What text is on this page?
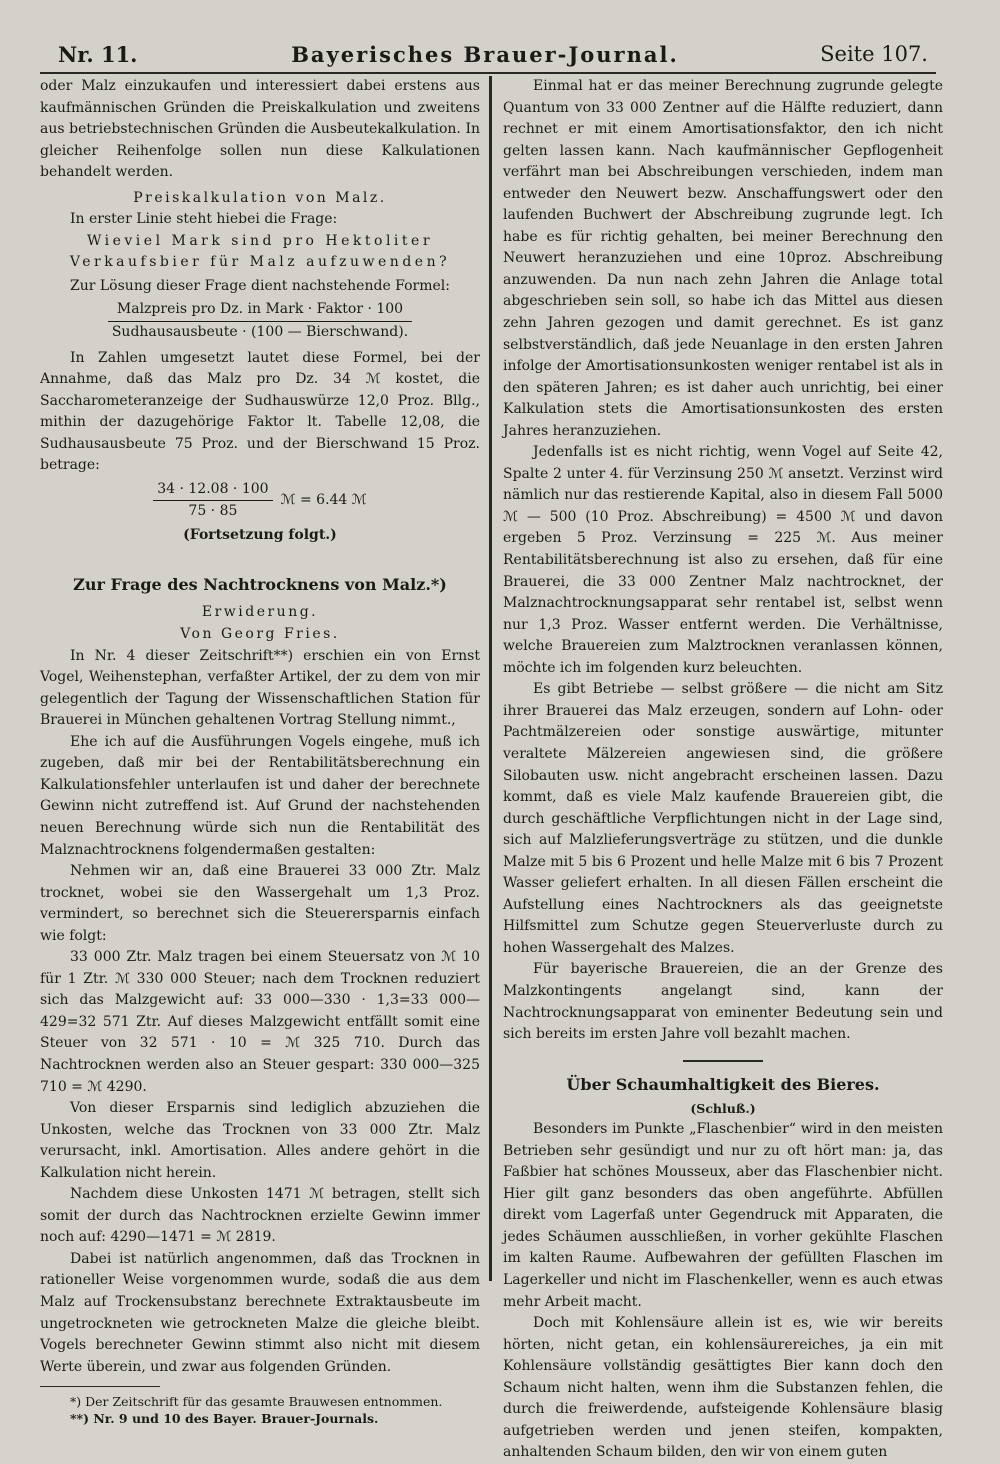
Nr. 11.	Bayerisches Brauer-Journal.	Seite 107.

oder Malz einzukaufen und interessiert dabei erstens aus kaufmännischen Gründen die Preiskalkulation und zweitens aus betriebstechnischen Gründen die Ausbeutekalkulation. In gleicher Reihenfolge sollen nun diese Kalkulationen behandelt werden.

Preiskalkulation von Malz.

In erster Linie steht hiebei die Frage:

Wieviel Mark sind pro Hektoliter Verkaufsbier für Malz aufzuwenden?

Zur Lösung dieser Frage dient nachstehende Formel:

$\frac{\text{Malzpreis pro Dz. in Mark · Faktor · 100}}{\text{Sudhausausbeute · (100 — Bierschwand).}}$

In Zahlen umgesetzt lautet diese Formel, bei der Annahme, daß das Malz pro Dz. 34 ℳ kostet, die Saccharometeranzeige der Sudhauswürze 12,0 Proz. Bllg., mithin der dazugehörige Faktor lt. Tabelle 12,08, die Sudhausausbeute 75 Proz. und der Bierschwand 15 Proz. betrage:

$\frac{34 \cdot 12.08 \cdot 100}{75 \cdot 85}$ ℳ = 6.44 ℳ

(Fortsetzung folgt.)

Zur Frage des Nachtrocknens von Malz.*)

Erwiderung.

Von Georg Fries.

In Nr. 4 dieser Zeitschrift**) erschien ein von Ernst Vogel, Weihenstephan, verfaßter Artikel, der zu dem von mir gelegentlich der Tagung der Wissenschaftlichen Station für Brauerei in München gehaltenen Vortrag Stellung nimmt.,

Ehe ich auf die Ausführungen Vogels eingehe, muß ich zugeben, daß mir bei der Rentabilitätsberechnung ein Kalkulationsfehler unterlaufen ist und daher der berechnete Gewinn nicht zutreffend ist. Auf Grund der nachstehenden neuen Berechnung würde sich nun die Rentabilität des Malznachtrocknens folgendermaßen gestalten:

Nehmen wir an, daß eine Brauerei 33 000 Ztr. Malz trocknet, wobei sie den Wassergehalt um 1,3 Proz. vermindert, so berechnet sich die Steuerersparnis einfach wie folgt:

33 000 Ztr. Malz tragen bei einem Steuersatz von ℳ 10 für 1 Ztr. ℳ 330 000 Steuer; nach dem Trocknen reduziert sich das Malzgewicht auf: 33 000—330 · 1,3=33 000—429=32 571 Ztr. Auf dieses Malzgewicht entfällt somit eine Steuer von 32 571 · 10 = ℳ 325 710. Durch das Nachtrocknen werden also an Steuer gespart: 330 000—325 710 = ℳ 4290.

Von dieser Ersparnis sind lediglich abzuziehen die Unkosten, welche das Trocknen von 33 000 Ztr. Malz verursacht, inkl. Amortisation. Alles andere gehört in die Kalkulation nicht herein.

Nachdem diese Unkosten 1471 ℳ betragen, stellt sich somit der durch das Nachtrocknen erzielte Gewinn immer noch auf: 4290—1471 = ℳ 2819.

Dabei ist natürlich angenommen, daß das Trocknen in rationeller Weise vorgenommen wurde, sodaß die aus dem Malz auf Trockensubstanz berechnete Extraktausbeute im ungetrockneten wie getrockneten Malze die gleiche bleibt. Vogels berechneter Gewinn stimmt also nicht mit diesem Werte überein, und zwar aus folgenden Gründen.

*) Der Zeitschrift für das gesamte Brauwesen entnommen.

**) Nr. 9 und 10 des Bayer. Brauer-Journals.

Einmal hat er das meiner Berechnung zugrunde gelegte Quantum von 33 000 Zentner auf die Hälfte reduziert, dann rechnet er mit einem Amortisationsfaktor, den ich nicht gelten lassen kann. Nach kaufmännischer Gepflogenheit verfährt man bei Abschreibungen verschieden, indem man entweder den Neuwert bezw. Anschaffungswert oder den laufenden Buchwert der Abschreibung zugrunde legt. Ich habe es für richtig gehalten, bei meiner Berechnung den Neuwert heranzuziehen und eine 10proz. Abschreibung anzuwenden. Da nun nach zehn Jahren die Anlage total abgeschrieben sein soll, so habe ich das Mittel aus diesen zehn Jahren gezogen und damit gerechnet. Es ist ganz selbstverständlich, daß jede Neuanlage in den ersten Jahren infolge der Amortisationsunkosten weniger rentabel ist als in den späteren Jahren; es ist daher auch unrichtig, bei einer Kalkulation stets die Amortisationsunkosten des ersten Jahres heranzuziehen.

Jedenfalls ist es nicht richtig, wenn Vogel auf Seite 42, Spalte 2 unter 4. für Verzinsung 250 ℳ ansetzt. Verzinst wird nämlich nur das restierende Kapital, also in diesem Fall 5000 ℳ — 500 (10 Proz. Abschreibung) = 4500 ℳ und davon ergeben 5 Proz. Verzinsung = 225 ℳ. Aus meiner Rentabilitätsberechnung ist also zu ersehen, daß für eine Brauerei, die 33 000 Zentner Malz nachtrocknet, der Malznachtrocknungsapparat sehr rentabel ist, selbst wenn nur 1,3 Proz. Wasser entfernt werden. Die Verhältnisse, welche Brauereien zum Malztrocknen veranlassen können, möchte ich im folgenden kurz beleuchten.

Es gibt Betriebe — selbst größere — die nicht am Sitz ihrer Brauerei das Malz erzeugen, sondern auf Lohn- oder Pachtmälzereien oder sonstige auswärtige, mitunter veraltete Mälzereien angewiesen sind, die größere Silobauten usw. nicht angebracht erscheinen lassen. Dazu kommt, daß es viele Malz kaufende Brauereien gibt, die durch geschäftliche Verpflichtungen nicht in der Lage sind, sich auf Malzlieferungsverträge zu stützen, und die dunkle Malze mit 5 bis 6 Prozent und helle Malze mit 6 bis 7 Prozent Wasser geliefert erhalten. In all diesen Fällen erscheint die Aufstellung eines Nachtrockners als das geeignetste Hilfsmittel zum Schutze gegen Steuerverluste durch zu hohen Wassergehalt des Malzes.

Für bayerische Brauereien, die an der Grenze des Malzkontingents angelangt sind, kann der Nachtrocknungsapparat von eminenter Bedeutung sein und sich bereits im ersten Jahre voll bezahlt machen.

Über Schaumhaltigkeit des Bieres.

(Schluß.)

Besonders im Punkte „Flaschenbier“ wird in den meisten Betrieben sehr gesündigt und nur zu oft hört man: ja, das Faßbier hat schönes Mousseux, aber das Flaschenbier nicht. Hier gilt ganz besonders das oben angeführte. Abfüllen direkt vom Lagerfaß unter Gegendruck mit Apparaten, die jedes Schäumen ausschließen, in vorher gekühlte Flaschen im kalten Raume. Aufbewahren der gefüllten Flaschen im Lagerkeller und nicht im Flaschenkeller, wenn es auch etwas mehr Arbeit macht.

Doch mit Kohlensäure allein ist es, wie wir bereits hörten, nicht getan, ein kohlensäurereiches, ja ein mit Kohlensäure vollständig gesättigtes Bier kann doch den Schaum nicht halten, wenn ihm die Substanzen fehlen, die durch die freiwerdende, aufsteigende Kohlensäure blasig aufgetrieben werden und jenen steifen, kompakten, anhaltenden Schaum bilden, den wir von einem guten
